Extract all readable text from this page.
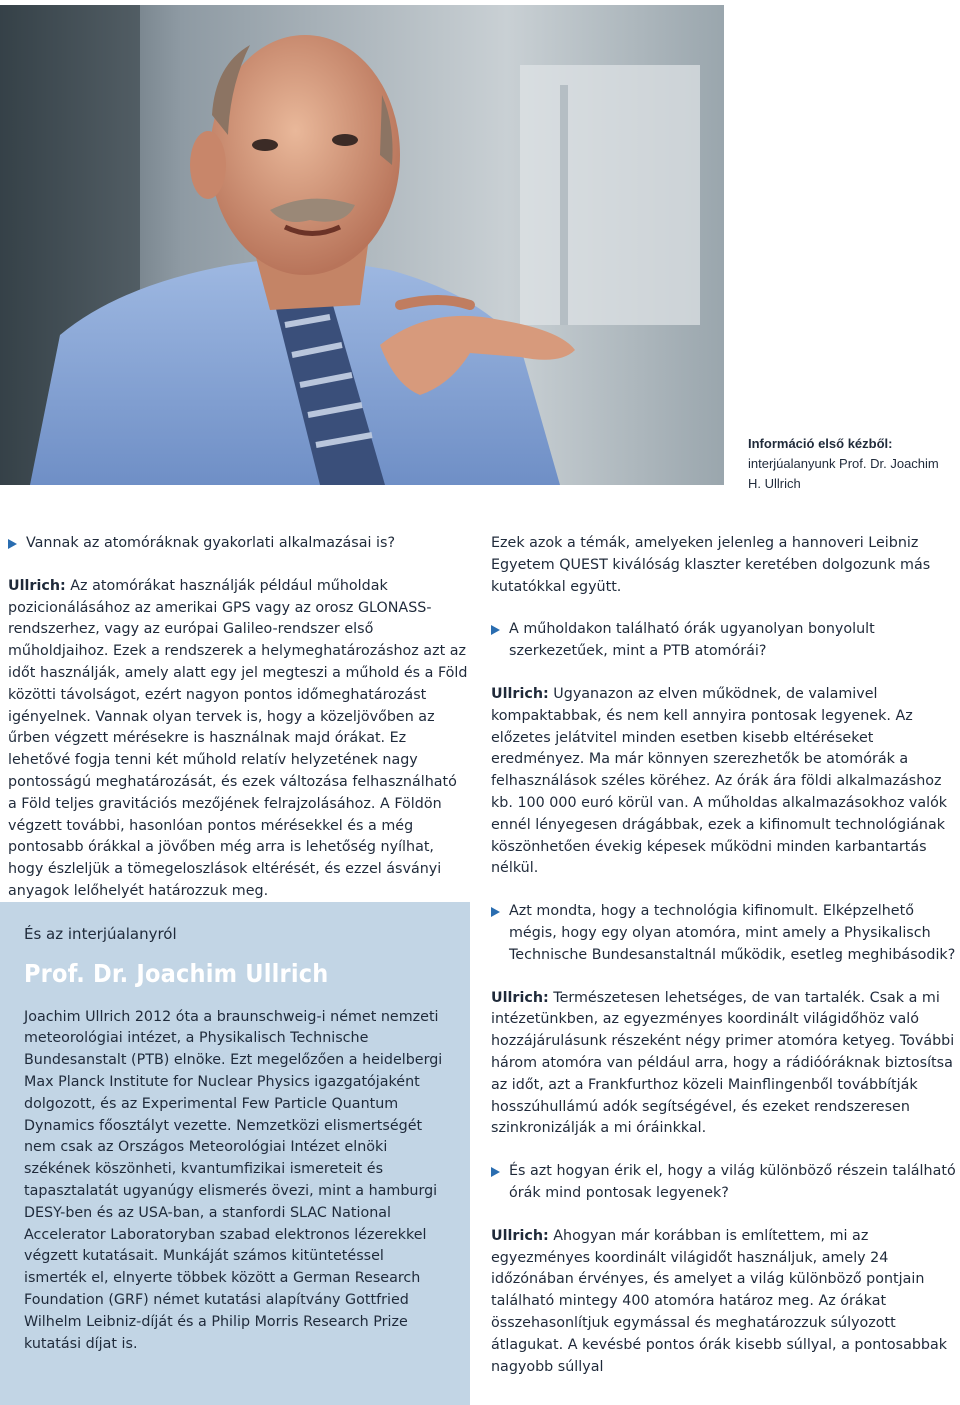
Információ első kézből:
interjúalanyunk Prof. Dr. Joachim H. Ullrich

Vannak az atomóráknak gyakorlati alkalmazásai is?

Ullrich: Az atomórákat használják például műholdak pozicionálásához az amerikai GPS vagy az orosz GLONASS-rendszerhez, vagy az európai Galileo-rendszer első műholdjaihoz. Ezek a rendszerek a helymeghatározáshoz azt az időt használják, amely alatt egy jel megteszi a műhold és a Föld közötti távolságot, ezért nagyon pontos időmeghatározást igényelnek. Vannak olyan tervek is, hogy a közeljövőben az űrben végzett mérésekre is használnak majd órákat. Ez lehetővé fogja tenni két műhold relatív helyzetének nagy pontosságú meghatározását, és ezek változása felhasználható a Föld teljes gravitációs mezőjének felrajzolásához. A Földön végzett további, hasonlóan pontos mérésekkel és a még pontosabb órákkal a jövőben még arra is lehetőség nyílhat, hogy észleljük a tömegeloszlások eltérését, és ezzel ásványi anyagok lelőhelyét határozzuk meg.

És az interjúalanyról

Prof. Dr. Joachim Ullrich

Joachim Ullrich 2012 óta a braunschweig-i német nemzeti meteorológiai intézet, a Physikalisch Technische Bundesanstalt (PTB) elnöke. Ezt megelőzően a heidelbergi Max Planck Institute for Nuclear Physics igazgatójaként dolgozott, és az Experimental Few Particle Quantum Dynamics főosztályt vezette. Nemzetközi elismertségét nem csak az Országos Meteorológiai Intézet elnöki székének köszönheti, kvantumfizikai ismereteit és tapasztalatát ugyanúgy elismerés övezi, mint a hamburgi DESY-ben és az USA-ban, a stanfordi SLAC National Accelerator Laboratoryban szabad elektronos lézerekkel végzett kutatásait. Munkáját számos kitüntetéssel ismerték el, elnyerte többek között a German Research Foundation (GRF) német kutatási alapítvány Gottfried Wilhelm Leibniz-díját és a Philip Morris Research Prize kutatási díjat is.

Ezek azok a témák, amelyeken jelenleg a hannoveri Leibniz Egyetem QUEST kiválóság klaszter keretében dolgozunk más kutatókkal együtt.

A műholdakon található órák ugyanolyan bonyolult szerkezetűek, mint a PTB atomórái?

Ullrich: Ugyanazon az elven működnek, de valamivel kompaktabbak, és nem kell annyira pontosak legyenek. Az előzetes jelátvitel minden esetben kisebb eltéréseket eredményez. Ma már könnyen szerezhetők be atomórák a felhasználások széles köréhez. Az órák ára földi alkalmazáshoz kb. 100 000 euró körül van. A műholdas alkalmazásokhoz valók ennél lényegesen drágábbak, ezek a kifinomult technológiának köszönhetően évekig képesek működni minden karbantartás nélkül.

Azt mondta, hogy a technológia kifinomult. Elképzelhető mégis, hogy egy olyan atomóra, mint amely a Physikalisch Technische Bundesanstaltnál működik, esetleg meghibásodik?

Ullrich: Természetesen lehetséges, de van tartalék. Csak a mi intézetünkben, az egyezményes koordinált világidőhöz való hozzájárulásunk részeként négy primer atomóra ketyeg. További három atomóra van például arra, hogy a rádióóráknak biztosítsa az időt, azt a Frankfurthoz közeli Mainflingenből továbbítják hosszúhullámú adók segítségével, és ezeket rendszeresen szinkronizálják a mi óráinkkal.

És azt hogyan érik el, hogy a világ különböző részein található órák mind pontosak legyenek?

Ullrich: Ahogyan már korábban is említettem, mi az egyezményes koordinált világidőt használjuk, amely 24 időzónában érvényes, és amelyet a világ különböző pontjain található mintegy 400 atomóra határoz meg. Az órákat összehasonlítjuk egymással és meghatározzuk súlyozott átlagukat. A kevésbé pontos órák kisebb súllyal, a pontosabbak nagyobb súllyal
